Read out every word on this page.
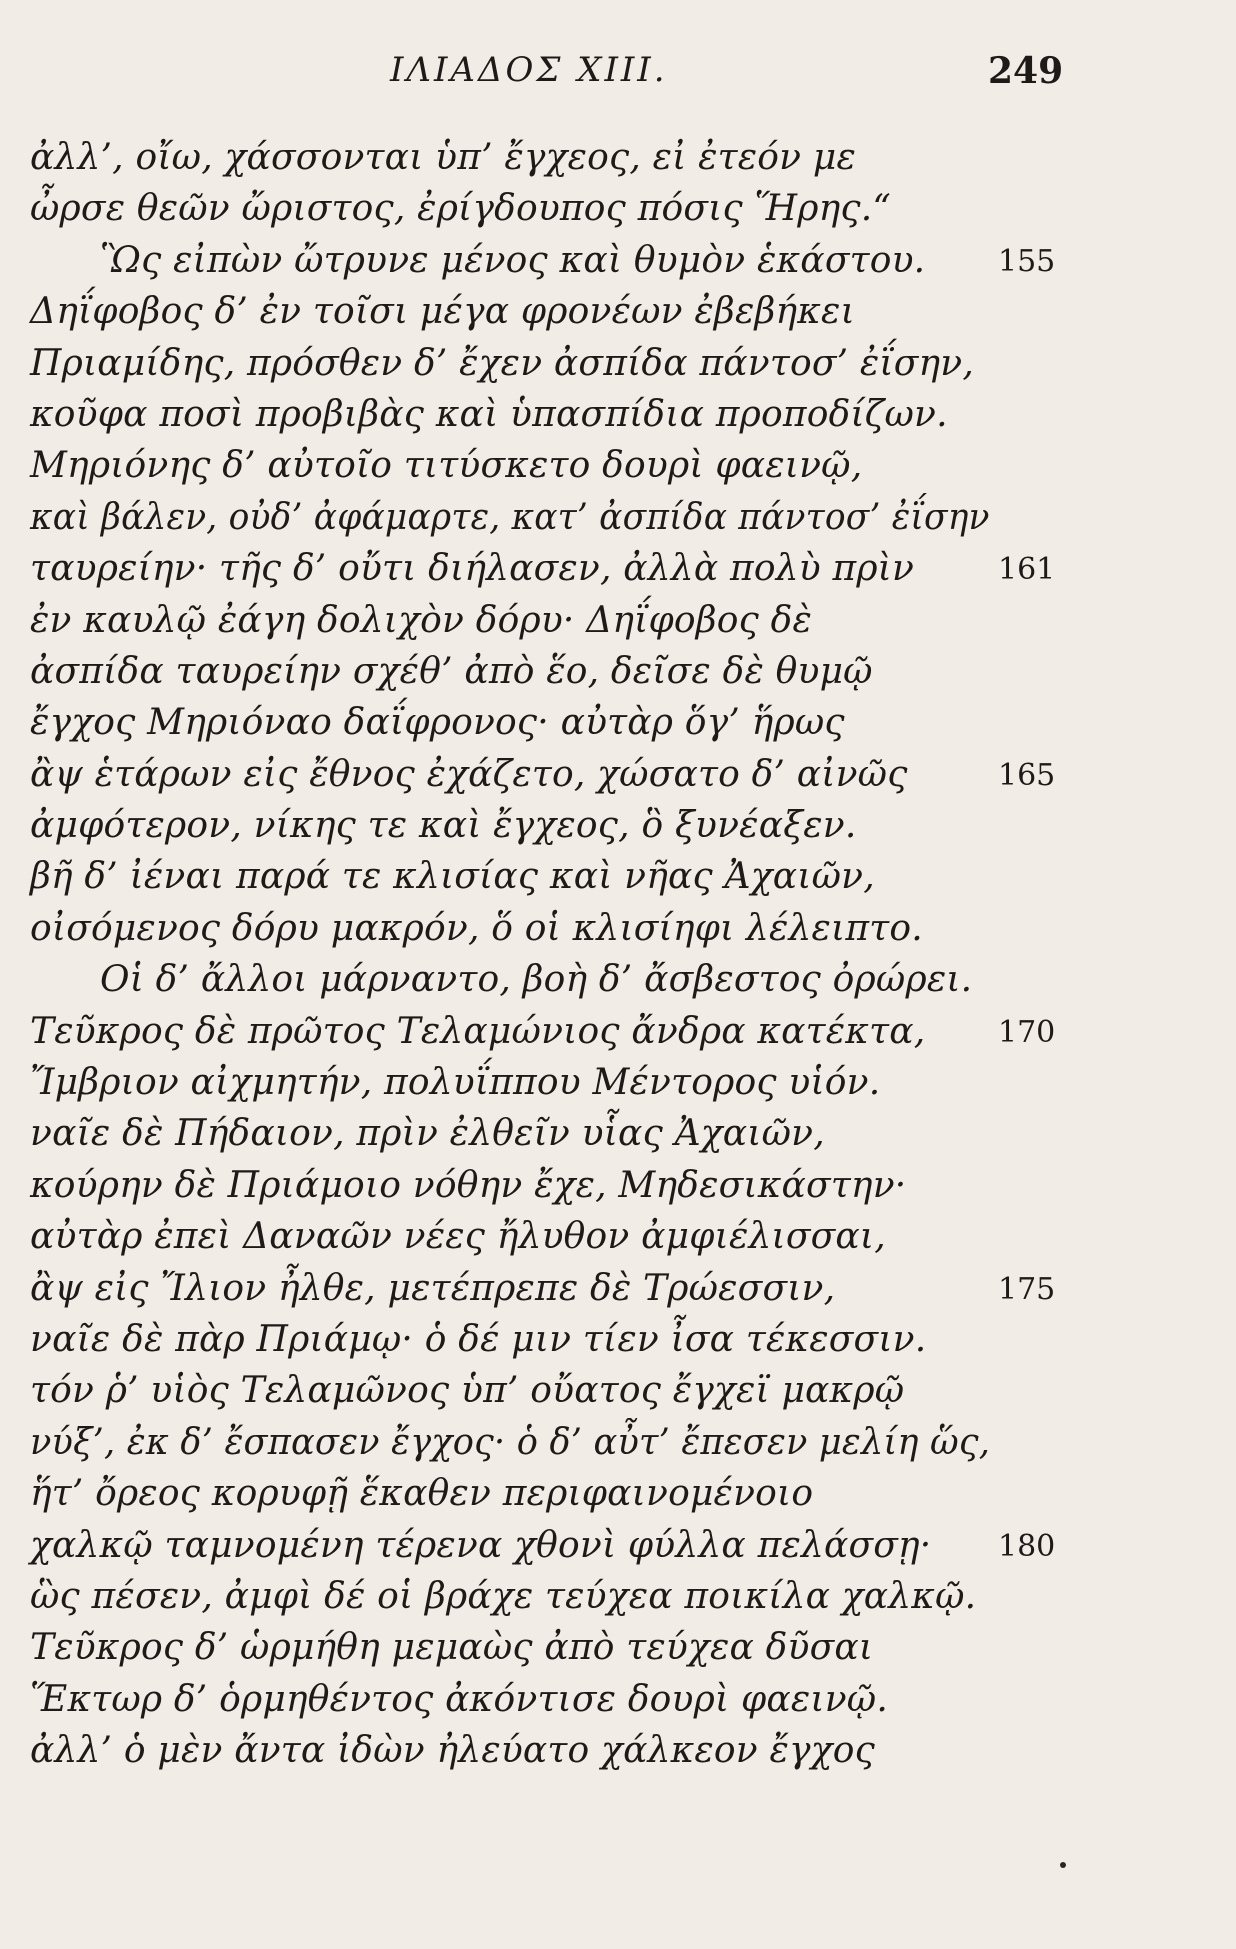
ΙΛΙΑΔΟΣ XIII.	249
ἀλλ’, οἴω, χάσσονται ὑπ’ ἔγχεος, εἰ ἐτεόν με
ὦρσε θεῶν ὤριστος, ἐρίγδουπος πόσις Ἥρης.“
Ὣς εἰπὼν ὤτρυνε μένος καὶ θυμὸν ἑκάστου. 155
Δηΐφοβος δ’ ἐν τοῖσι μέγα φρονέων ἐβεβήκει
Πριαμίδης, πρόσθεν δ’ ἔχεν ἀσπίδα πάντοσ’ ἐΐσην,
κοῦφα ποσὶ προβιβὰς καὶ ὑπασπίδια προποδίζων.
Μηριόνης δ’ αὐτοῖο τιτύσκετο δουρὶ φαεινῷ,
καὶ βάλεν, οὐδ’ ἀφάμαρτε, κατ’ ἀσπίδα πάντοσ’ ἐΐσην
ταυρείην· τῆς δ’ οὔτι διήλασεν, ἀλλὰ πολὺ πρὶν	161
ἐν καυλῷ ἐάγη δολιχὸν δόρυ· Δηΐφοβος δὲ
ἀσπίδα ταυρείην σχέθ’ ἀπὸ ἕο, δεῖσε δὲ θυμῷ
ἔγχος Μηριόναο δαΐφρονος· αὐτὰρ ὅγ’ ἥρως
ἂψ ἑτάρων εἰς ἔθνος ἐχάζετο, χώσατο δ’ αἰνῶς	165
ἀμφότερον, νίκης τε καὶ ἔγχεος, ὃ ξυνέαξεν.
βῆ δ’ ἰέναι παρά τε κλισίας καὶ νῆας Ἀχαιῶν,
οἰσόμενος δόρυ μακρόν, ὅ οἱ κλισίηφι λέλειπτο.
Οἱ δ’ ἄλλοι μάρναντο, βοὴ δ’ ἄσβεστος ὀρώρει.
Τεῦκρος δὲ πρῶτος Τελαμώνιος ἄνδρα κατέκτα, 170
Ἴμβριον αἰχμητήν, πολυΐππου Μέντορος υἱόν.
ναῖε δὲ Πήδαιον, πρὶν ἐλθεῖν υἷας Ἀχαιῶν,
κούρην δὲ Πριάμοιο νόθην ἔχε, Μηδεσικάστην·
αὐτὰρ ἐπεὶ Δαναῶν νέες ἤλυθον ἀμφιέλισσαι,
ἂψ εἰς Ἴλιον ἦλθε, μετέπρεπε δὲ Τρώεσσιν,	175
ναῖε δὲ πὰρ Πριάμῳ· ὁ δέ μιν τίεν ἶσα τέκεσσιν.
τόν ῥ’ υἱὸς Τελαμῶνος ὑπ’ οὔατος ἔγχεϊ μακρῷ
νύξ’, ἐκ δ’ ἔσπασεν ἔγχος· ὁ δ’ αὖτ’ ἔπεσεν μελίη ὥς,
ἥτ’ ὄρεος κορυφῇ ἕκαθεν περιφαινομένοιο
χαλκῷ ταμνομένη τέρενα χθονὶ φύλλα πελάσσῃ· 180
ὣς πέσεν, ἀμφὶ δέ οἱ βράχε τεύχεα ποικίλα χαλκῷ.
Τεῦκρος δ’ ὡρμήθη μεμαὼς ἀπὸ τεύχεα δῦσαι
Ἕκτωρ δ’ ὁρμηθέντος ἀκόντισε δουρὶ φαεινῷ.
ἀλλ’ ὁ μὲν ἄντα ἰδὼν ἠλεύατο χάλκεον ἔγχος
